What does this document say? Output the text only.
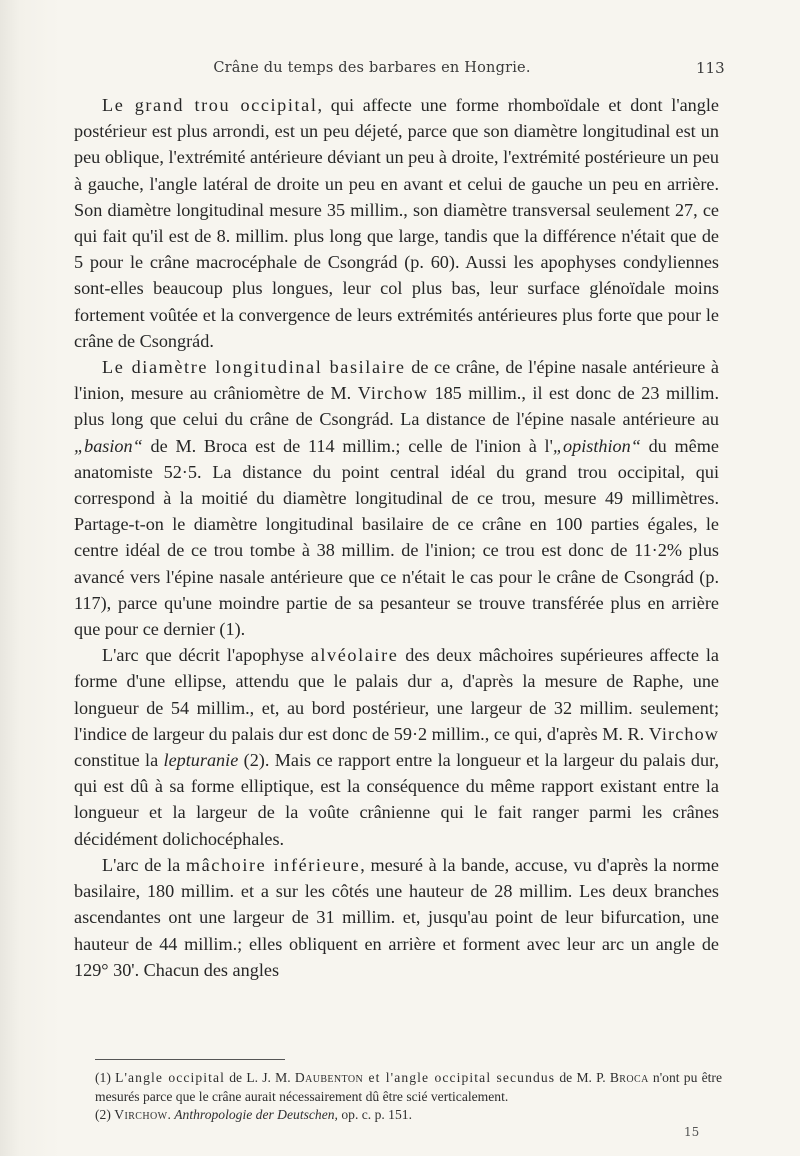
Crâne du temps des barbares en Hongrie.	113

Le grand trou occipital, qui affecte une forme rhomboïdale et dont l'angle postérieur est plus arrondi, est un peu déjeté, parce que son diamètre longitudinal est un peu oblique, l'extrémité antérieure déviant un peu à droite, l'extrémité postérieure un peu à gauche, l'angle latéral de droite un peu en avant et celui de gauche un peu en arrière. Son diamètre longitudinal mesure 35 millim., son diamètre transversal seulement 27, ce qui fait qu'il est de 8. millim. plus long que large, tandis que la différence n'était que de 5 pour le crâne macrocéphale de Csongrád (p. 60). Aussi les apophyses condyliennes sont-elles beaucoup plus longues, leur col plus bas, leur surface glénoïdale moins fortement voûtée et la convergence de leurs extrémités antérieures plus forte que pour le crâne de Csongrád.

Le diamètre longitudinal basilaire de ce crâne, de l'épine nasale antérieure à l'inion, mesure au crâniomètre de M. Virchow 185 millim., il est donc de 23 millim. plus long que celui du crâne de Csongrád. La distance de l'épine nasale antérieure au „basion“ de M. Broca est de 114 millim.; celle de l'inion à l'„opisthion“ du même anatomiste 52·5. La distance du point central idéal du grand trou occipital, qui correspond à la moitié du diamètre longitudinal de ce trou, mesure 49 millimètres. Partage-t-on le diamètre longitudinal basilaire de ce crâne en 100 parties égales, le centre idéal de ce trou tombe à 38 millim. de l'inion; ce trou est donc de 11·2% plus avancé vers l'épine nasale antérieure que ce n'était le cas pour le crâne de Csongrád (p. 117), parce qu'une moindre partie de sa pesanteur se trouve transférée plus en arrière que pour ce dernier (1).

L'arc que décrit l'apophyse alvéolaire des deux mâchoires supérieures affecte la forme d'une ellipse, attendu que le palais dur a, d'après la mesure de Raphe, une longueur de 54 millim., et, au bord postérieur, une largeur de 32 millim. seulement; l'indice de largeur du palais dur est donc de 59·2 millim., ce qui, d'après M. R. Virchow constitue la lepturanie (2). Mais ce rapport entre la longueur et la largeur du palais dur, qui est dû à sa forme elliptique, est la conséquence du même rapport existant entre la longueur et la largeur de la voûte crânienne qui le fait ranger parmi les crânes décidément dolichocéphales.

L'arc de la mâchoire inférieure, mesuré à la bande, accuse, vu d'après la norme basilaire, 180 millim. et a sur les côtés une hauteur de 28 millim. Les deux branches ascendantes ont une largeur de 31 millim. et, jusqu'au point de leur bifurcation, une hauteur de 44 millim.; elles obliquent en arrière et forment avec leur arc un angle de 129° 30'. Chacun des angles

(1) L'angle occipital de L. J. M. Daubenton et l'angle occipital secundus de M. P. Broca n'ont pu être mesurés parce que le crâne aurait nécessairement dû être scié verticalement.

(2) Virchow. Anthropologie der Deutschen, op. c. p. 151.

15
